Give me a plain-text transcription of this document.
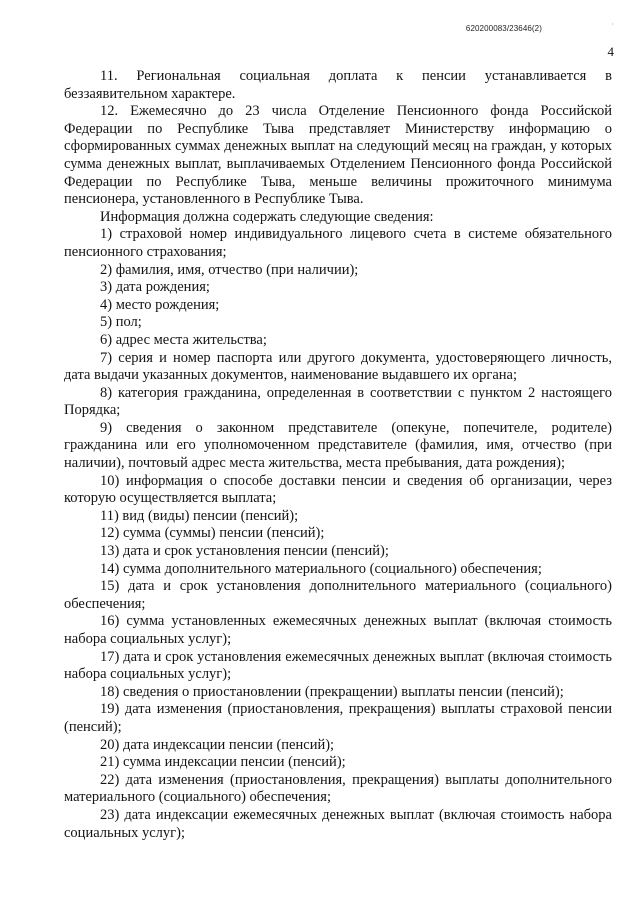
620200083/23646(2)	·
4

11. Региональная социальная доплата к пенсии устанавливается в беззаявительном характере.

12. Ежемесячно до 23 числа Отделение Пенсионного фонда Российской Федерации по Республике Тыва представляет Министерству информацию о сформированных суммах денежных выплат на следующий месяц на граждан, у которых сумма денежных выплат, выплачиваемых Отделением Пенсионного фонда Российской Федерации по Республике Тыва, меньше величины прожиточного минимума пенсионера, установленного в Республике Тыва.

Информация должна содержать следующие сведения:

1) страховой номер индивидуального лицевого счета в системе обязательного пенсионного страхования;

2) фамилия, имя, отчество (при наличии);

3) дата рождения;

4) место рождения;

5) пол;

6) адрес места жительства;

7) серия и номер паспорта или другого документа, удостоверяющего личность, дата выдачи указанных документов, наименование выдавшего их органа;

8) категория гражданина, определенная в соответствии с пунктом 2 настоящего Порядка;

9) сведения о законном представителе (опекуне, попечителе, родителе) гражданина или его уполномоченном представителе (фамилия, имя, отчество (при наличии), почтовый адрес места жительства, места пребывания, дата рождения);

10) информация о способе доставки пенсии и сведения об организации, через которую осуществляется выплата;

11) вид (виды) пенсии (пенсий);

12) сумма (суммы) пенсии (пенсий);

13) дата и срок установления пенсии (пенсий);

14) сумма дополнительного материального (социального) обеспечения;

15) дата и срок установления дополнительного материального (социального) обеспечения;

16) сумма установленных ежемесячных денежных выплат (включая стоимость набора социальных услуг);

17) дата и срок установления ежемесячных денежных выплат (включая стоимость набора социальных услуг);

18) сведения о приостановлении (прекращении) выплаты пенсии (пенсий);

19) дата изменения (приостановления, прекращения) выплаты страховой пенсии (пенсий);

20) дата индексации пенсии (пенсий);

21) сумма индексации пенсии (пенсий);

22) дата изменения (приостановления, прекращения) выплаты дополнительного материального (социального) обеспечения;

23) дата индексации ежемесячных денежных выплат (включая стоимость набора социальных услуг);
